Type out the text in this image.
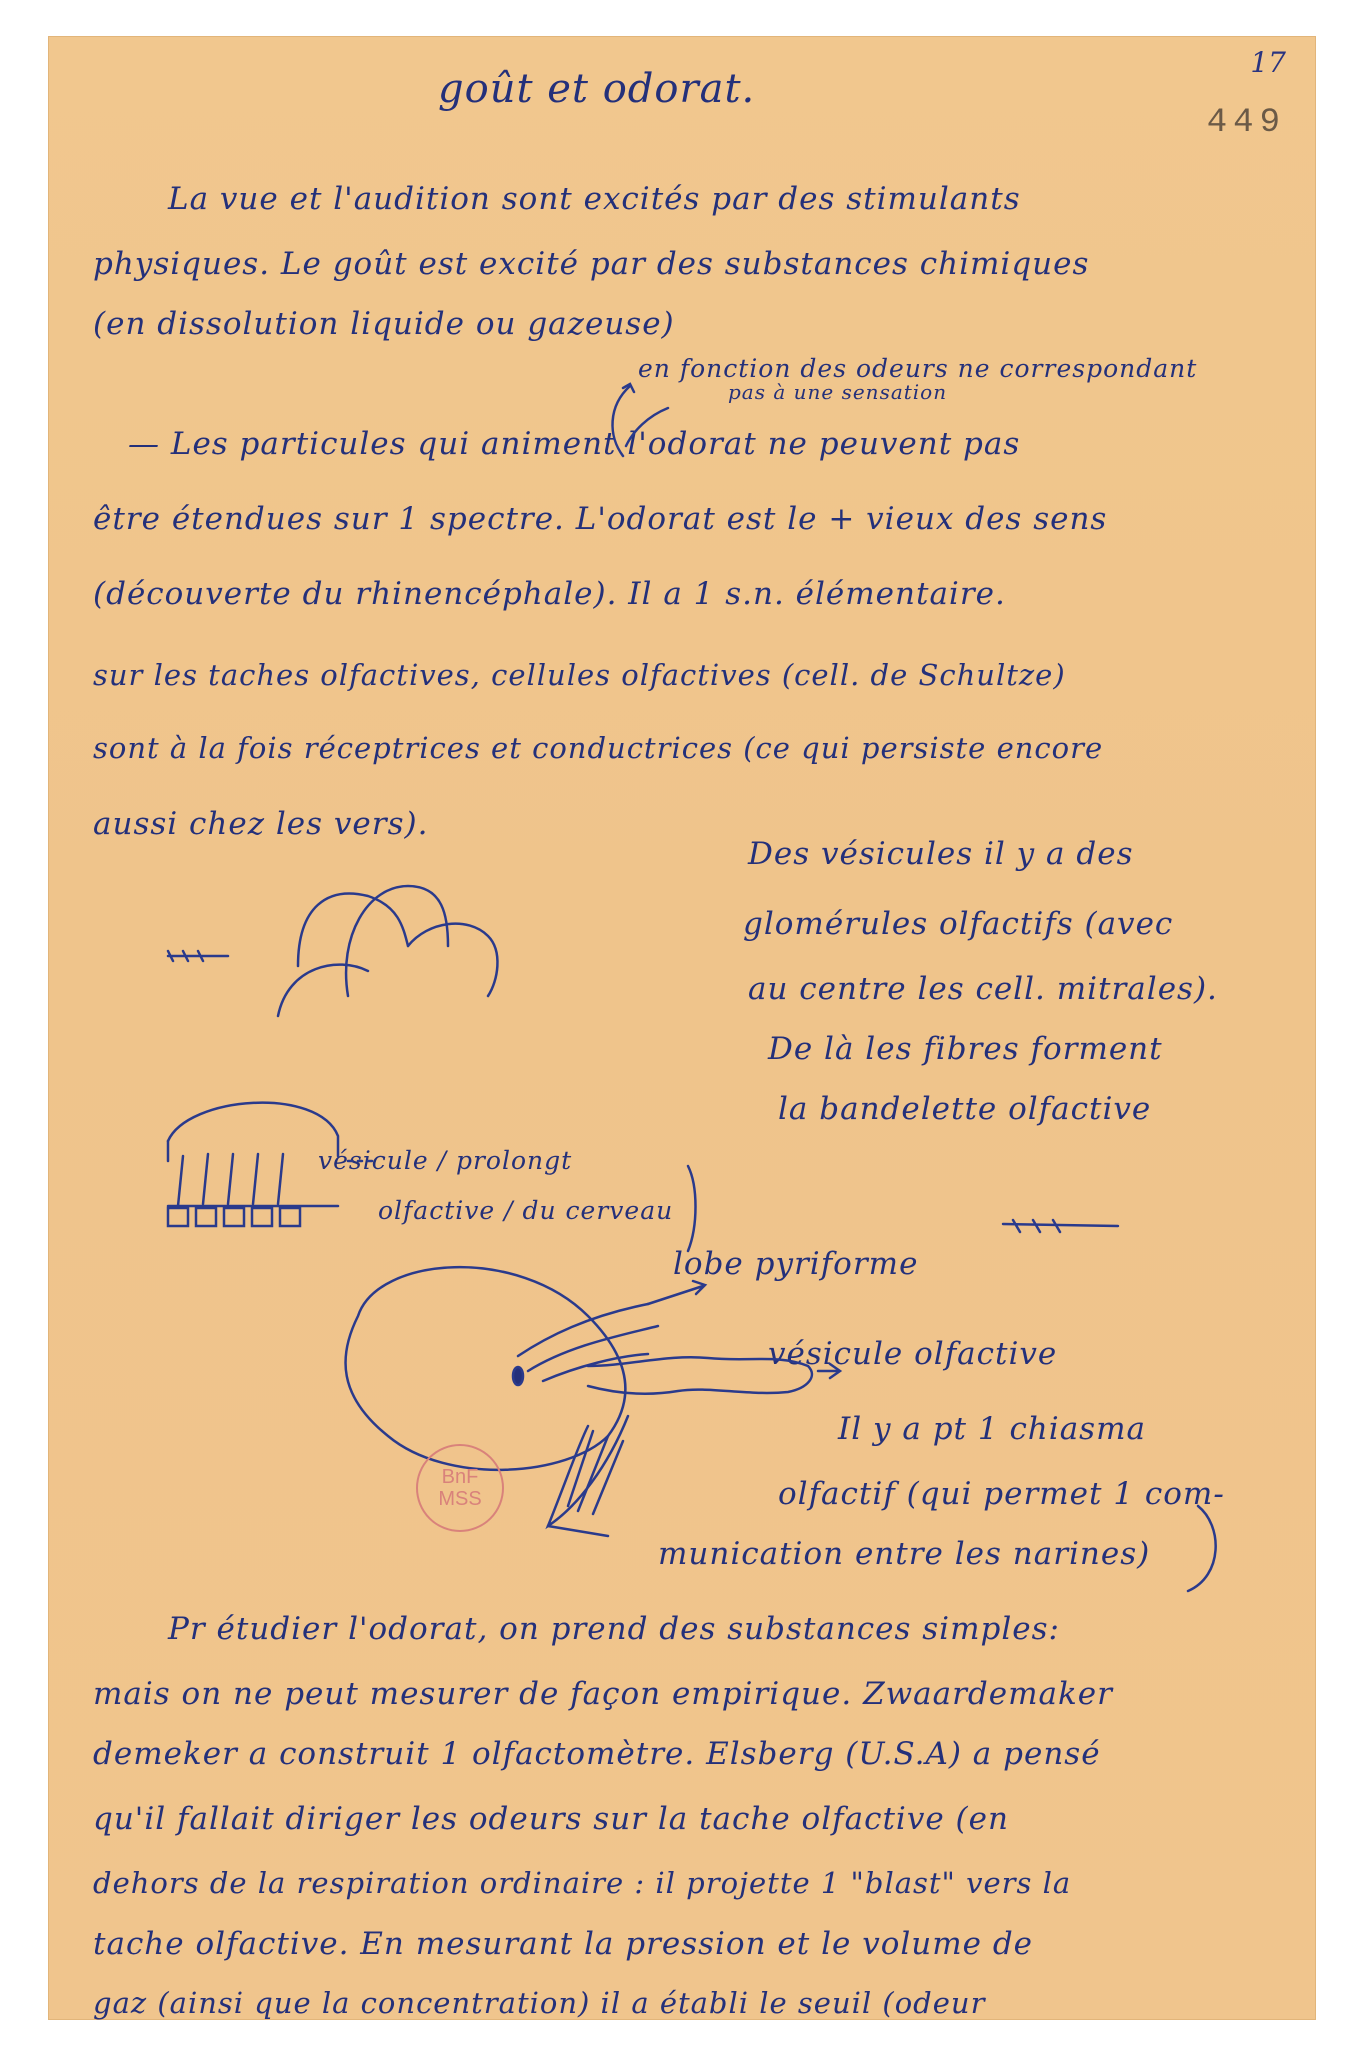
17
449
goût et odorat.
La vue et l'audition sont excités par des stimulants
physiques. Le goût est excité par des substances chimiques
(en dissolution liquide ou gazeuse)
en fonction des odeurs ne correspondant
pas à une sensation
— Les particules qui animent l'odorat ne peuvent pas
être étendues sur 1 spectre. L'odorat est le + vieux des sens
(découverte du rhinencéphale). Il a 1 s.n. élémentaire.
sur les taches olfactives, cellules olfactives (cell. de Schultze)
sont à la fois réceptrices et conductrices (ce qui persiste encore
aussi chez les vers).
Des vésicules il y a des
glomérules olfactifs (avec
au centre les cell. mitrales).
De là les fibres forment
la bandelette olfactive
vésicule / prolongt
olfactive / du cerveau
lobe pyriforme
vésicule olfactive
Il y a pt 1 chiasma
olfactif (qui permet 1 com-
munication entre les narines)
Pr étudier l'odorat, on prend des substances simples:
mais on ne peut mesurer de façon empirique. Zwaardemaker
demeker a construit 1 olfactomètre. Elsberg (U.S.A) a pensé
qu'il fallait diriger les odeurs sur la tache olfactive (en
dehors de la respiration ordinaire : il projette 1 "blast" vers la
tache olfactive. En mesurant la pression et le volume de
gaz (ainsi que la concentration) il a établi le seuil (odeur
BnF
MSS
